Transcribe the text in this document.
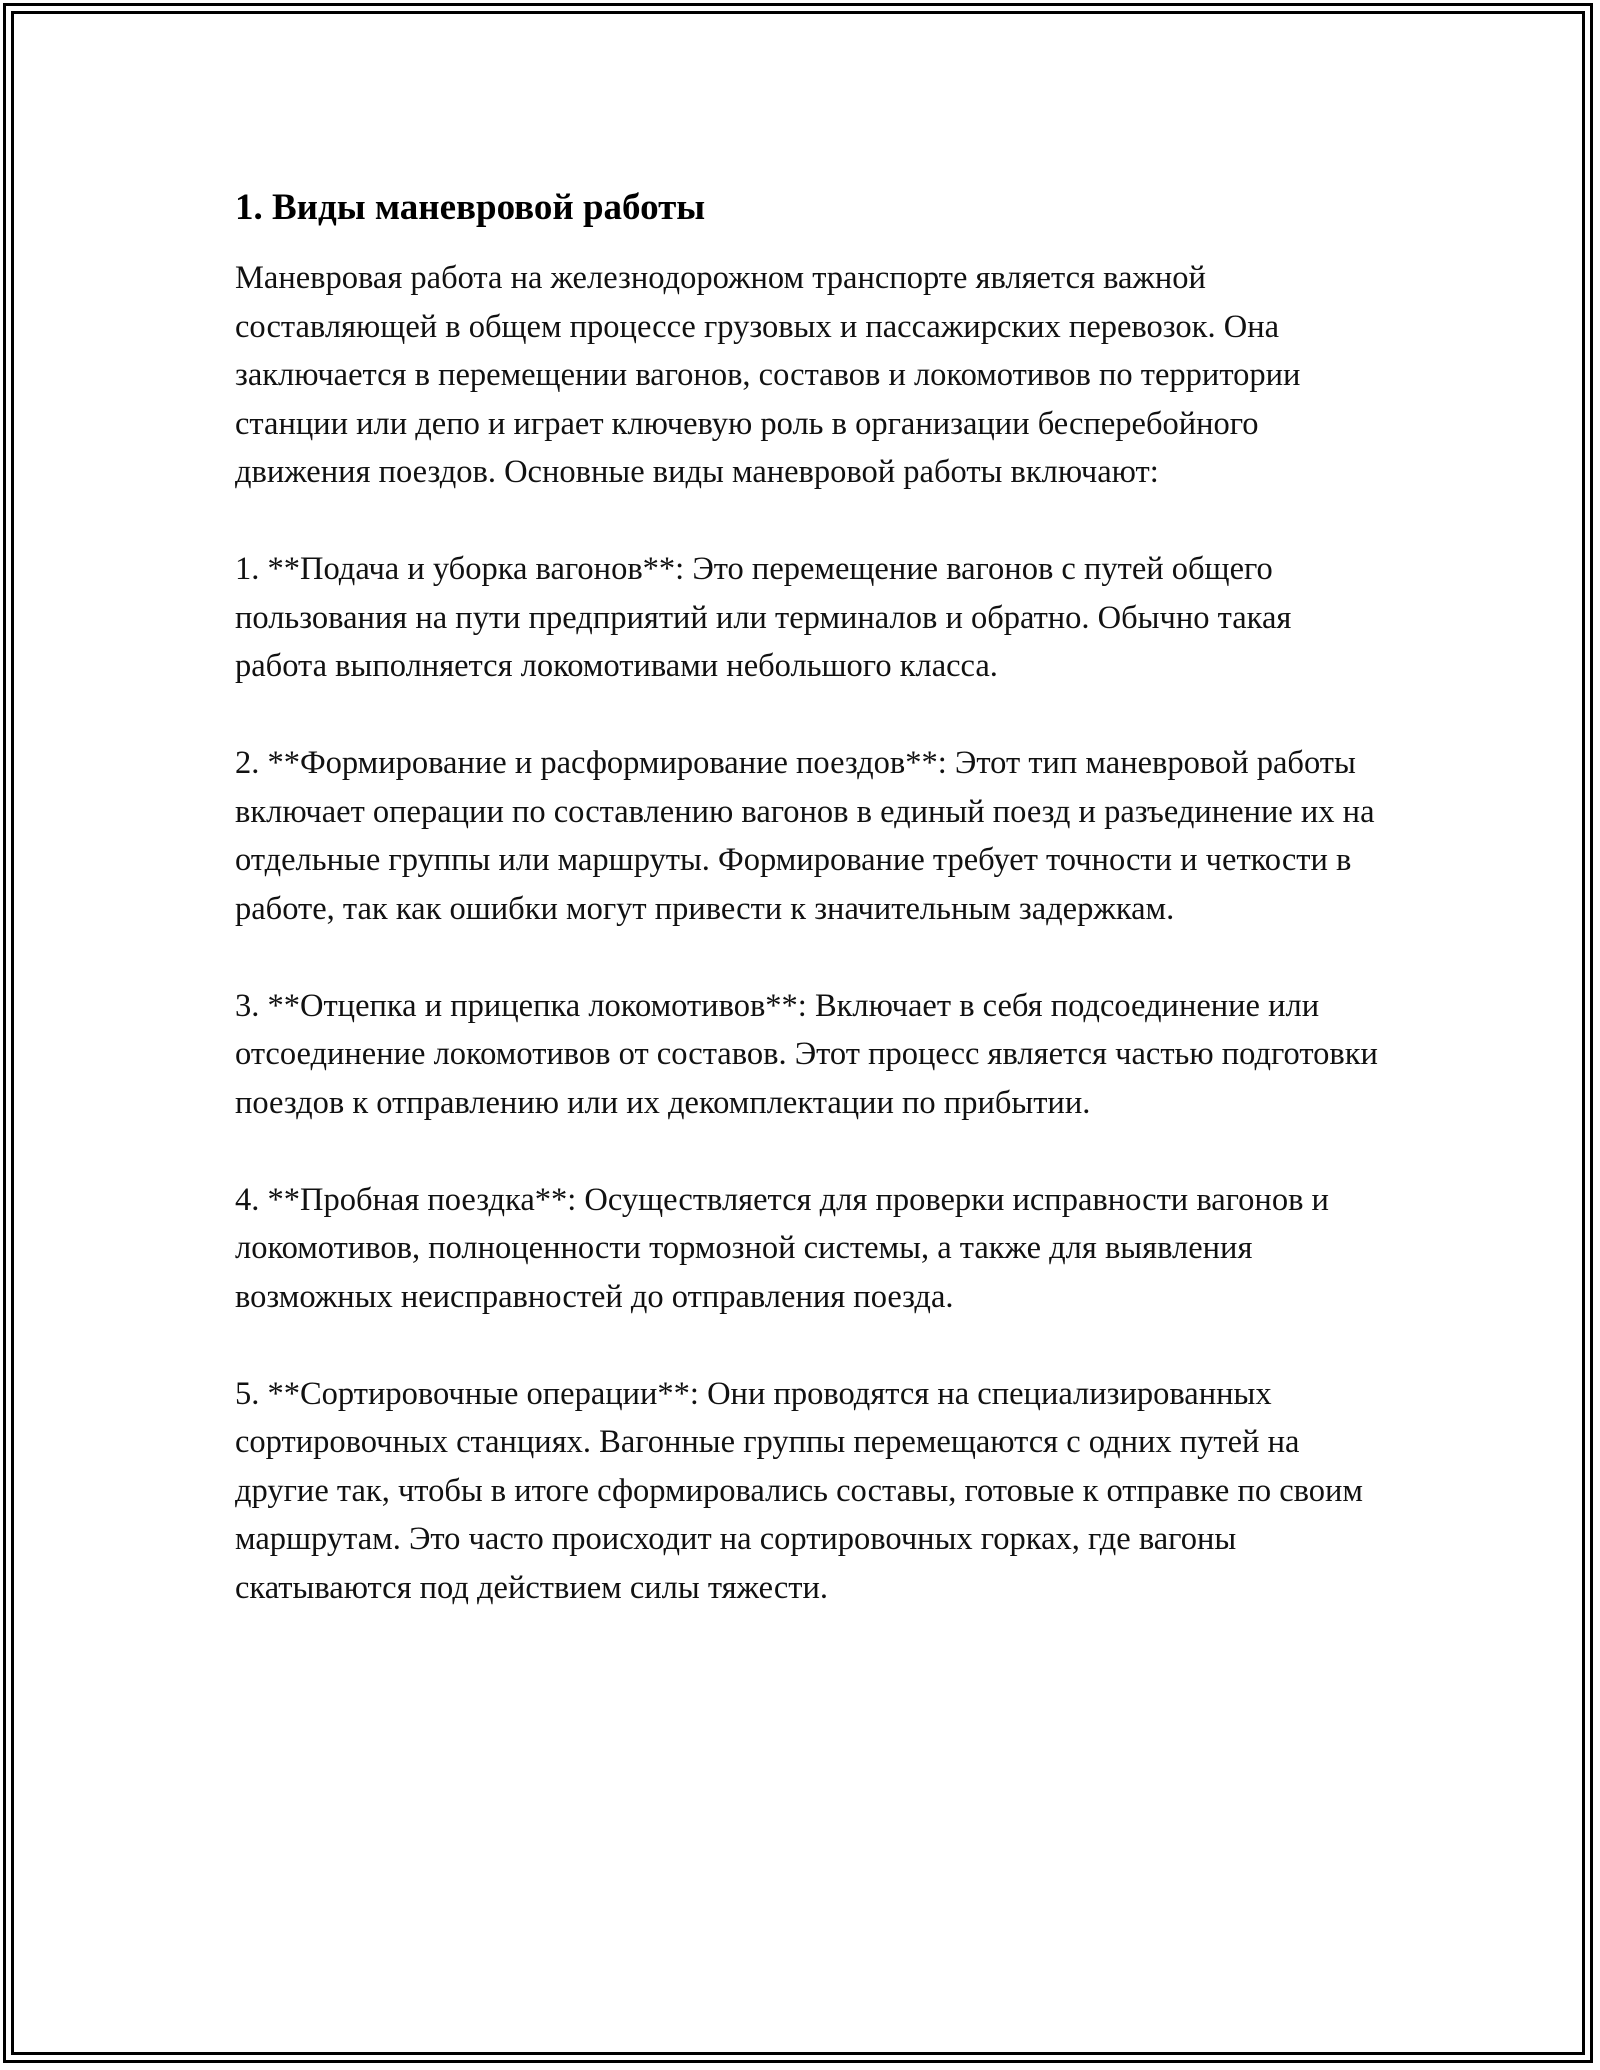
1. Виды маневровой работы

Маневровая работа на железнодорожном транспорте является важной составляющей в общем процессе грузовых и пассажирских перевозок. Она заключается в перемещении вагонов, составов и локомотивов по территории станции или депо и играет ключевую роль в организации бесперебойного движения поездов. Основные виды маневровой работы включают:

1. **Подача и уборка вагонов**: Это перемещение вагонов с путей общего пользования на пути предприятий или терминалов и обратно. Обычно такая работа выполняется локомотивами небольшого класса.

2. **Формирование и расформирование поездов**: Этот тип маневровой работы включает операции по составлению вагонов в единый поезд и разъединение их на отдельные группы или маршруты. Формирование требует точности и четкости в работе, так как ошибки могут привести к значительным задержкам.

3. **Отцепка и прицепка локомотивов**: Включает в себя подсоединение или отсоединение локомотивов от составов. Этот процесс является частью подготовки поездов к отправлению или их декомплектации по прибытии.

4. **Пробная поездка**: Осуществляется для проверки исправности вагонов и локомотивов, полноценности тормозной системы, а также для выявления возможных неисправностей до отправления поезда.

5. **Сортировочные операции**: Они проводятся на специализированных сортировочных станциях. Вагонные группы перемещаются с одних путей на другие так, чтобы в итоге сформировались составы, готовые к отправке по своим маршрутам. Это часто происходит на сортировочных горках, где вагоны скатываются под действием силы тяжести.
